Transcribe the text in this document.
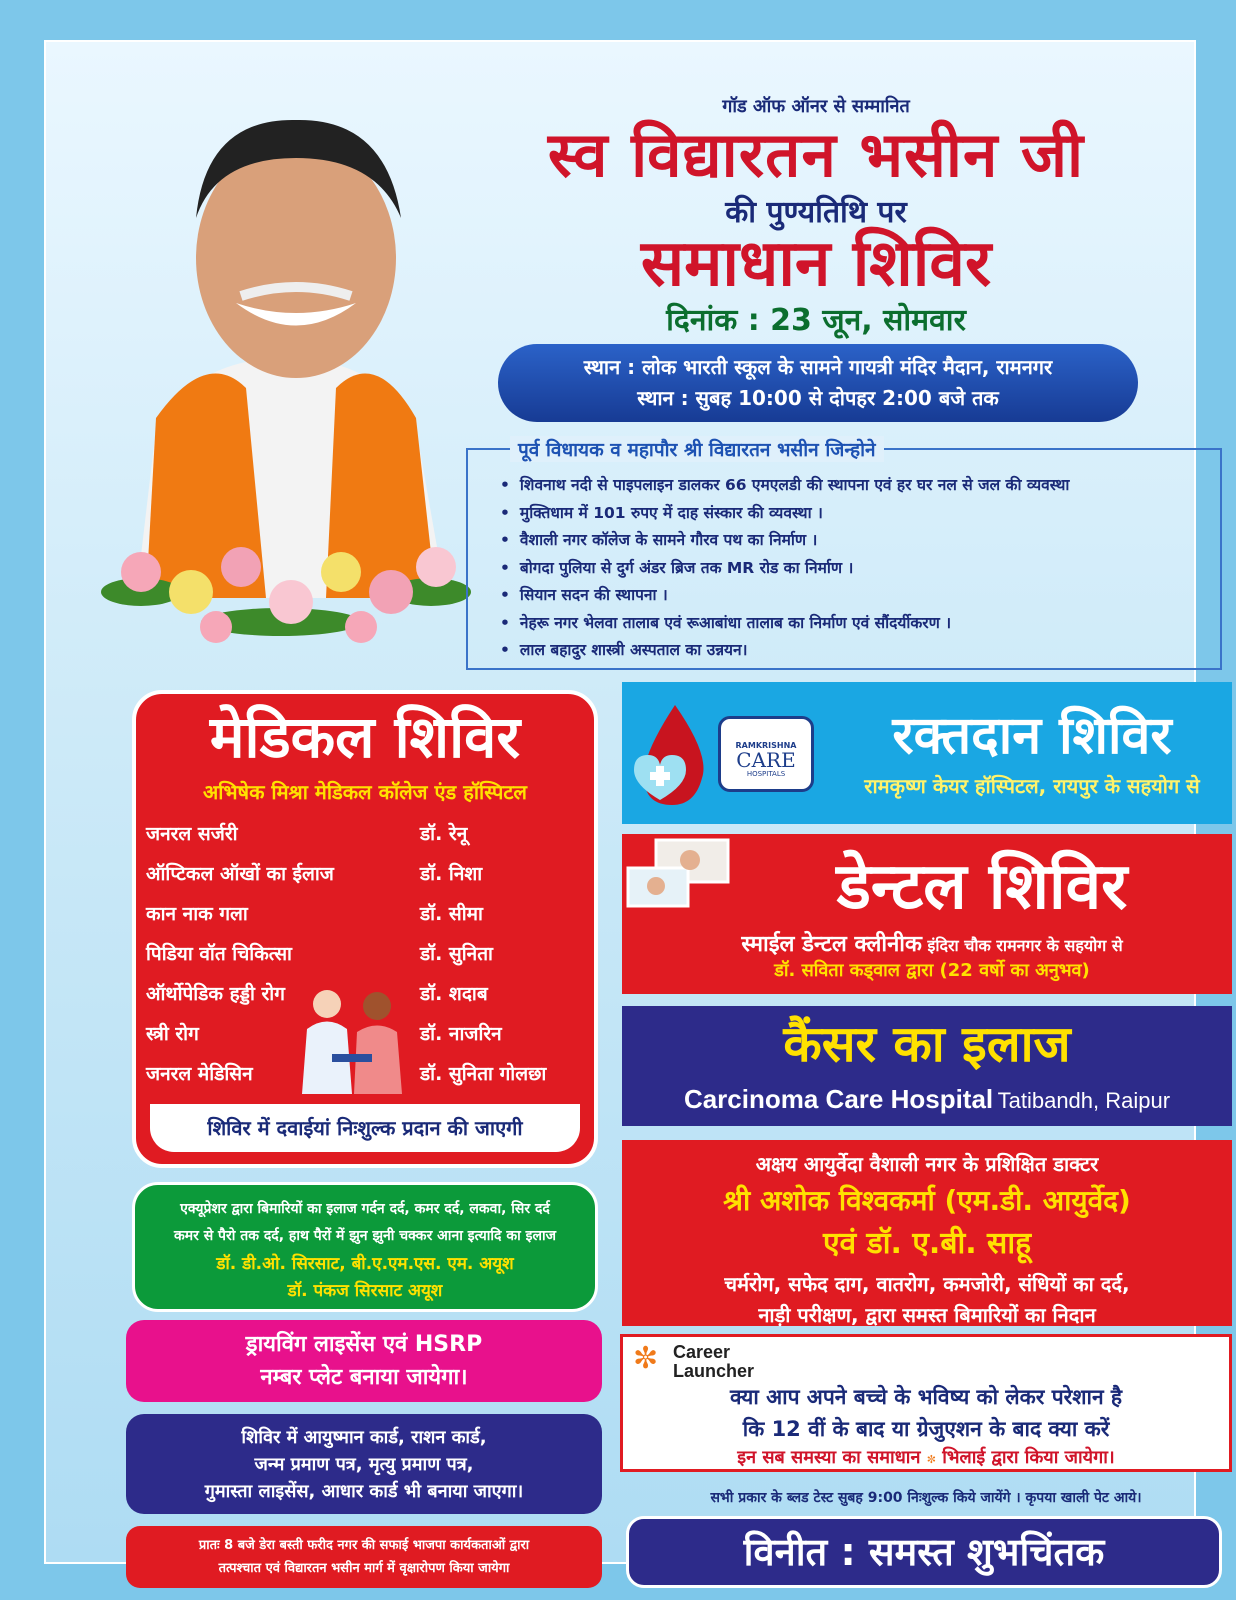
गॉड ऑफ ऑनर से सम्मानित
स्व विद्यारतन भसीन जी
की पुण्यतिथि पर
समाधान शिविर
दिनांक : 23 जून, सोमवार
स्थान : लोक भारती स्कूल के सामने गायत्री मंदिर मैदान, रामनगर
स्थान : सुबह 10:00 से दोपहर 2:00 बजे तक
पूर्व विधायक व महापौर श्री विद्यारतन भसीन जिन्होने
• शिवनाथ नदी से पाइपलाइन डालकर 66 एमएलडी की स्थापना एवं हर घर नल से जल की व्यवस्था
• मुक्तिधाम में 101 रुपए में दाह संस्कार की व्यवस्था ।
• वैशाली नगर कॉलेज के सामने गौरव पथ का निर्माण ।
• बोगदा पुलिया से दुर्ग अंडर ब्रिज तक MR रोड का निर्माण ।
• सियान सदन की स्थापना ।
• नेहरू नगर भेलवा तालाब एवं रूआबांधा तालाब का निर्माण एवं सौंदर्यीकरण ।
• लाल बहादुर शास्त्री अस्पताल का उन्नयन।
मेडिकल शिविर
अभिषेक मिश्रा मेडिकल कॉलेज एंड हॉस्पिटल
जनरल सर्जरी	डॉ. रेनू
ऑप्टिकल ऑखों का ईलाज	डॉ. निशा
कान नाक गला	डॉ. सीमा
पिडिया वॉत चिकित्सा	डॉ. सुनिता
ऑर्थोपेडिक हड्डी रोग	डॉ. शदाब
स्त्री रोग	डॉ. नाजरिन
जनरल मेडिसिन	डॉ. सुनिता गोलछा
शिविर में दवाईयां निःशुल्क प्रदान की जाएगी
एक्यूप्रेशर द्वारा बिमारियों का इलाज गर्दन दर्द, कमर दर्द, लकवा, सिर दर्द
कमर से पैरो तक दर्द, हाथ पैरों में झुन झुनी चक्कर आना इत्यादि का इलाज
डॉ. डी.ओ. सिरसाट, बी.ए.एम.एस. एम. अयूश
डॉ. पंकज सिरसाट अयूश
ड्रायविंग लाइसेंस एवं HSRP
नम्बर प्लेट बनाया जायेगा।
शिविर में आयुष्मान कार्ड, राशन कार्ड,
जन्म प्रमाण पत्र, मृत्यु प्रमाण पत्र,
गुमास्ता लाइसेंस, आधार कार्ड भी बनाया जाएगा।
प्रातः 8 बजे डेरा बस्ती फरीद नगर की सफाई भाजपा कार्यकताओं द्वारा
तत्पश्चात एवं विद्यारतन भसीन मार्ग में वृक्षारोपण किया जायेगा
RAMKRISHNA
CARE
HOSPITALS
रक्तदान शिविर
रामकृष्ण केयर हॉस्पिटल, रायपुर के सहयोग से
डेन्टल शिविर
स्माईल डेन्टल क्लीनीक इंदिरा चौक रामनगर के सहयोग से
डॉ. सविता कड्वाल द्वारा (22 वर्षो का अनुभव)
कैंसर का इलाज
Carcinoma Care Hospital Tatibandh, Raipur
अक्षय आयुर्वेदा वैशाली नगर के प्रशिक्षित डाक्टर
श्री अशोक विश्वकर्मा (एम.डी. आयुर्वेद)
एवं डॉ. ए.बी. साहू
चर्मरोग, सफेद दाग, वातरोग, कमजोरी, संधियों का दर्द,
नाड़ी परीक्षण, द्वारा समस्त बिमारियों का निदान
✼ Career
Launcher
क्या आप अपने बच्चे के भविष्य को लेकर परेशान है
कि 12 वीं के बाद या ग्रेजुएशन के बाद क्या करें
इन सब समस्या का समाधान ✼ भिलाई द्वारा किया जायेगा।
सभी प्रकार के ब्लड टेस्ट सुबह 9:00 निःशुल्क किये जायेंगे । कृपया खाली पेट आये।
विनीत : समस्त शुभचिंतक
